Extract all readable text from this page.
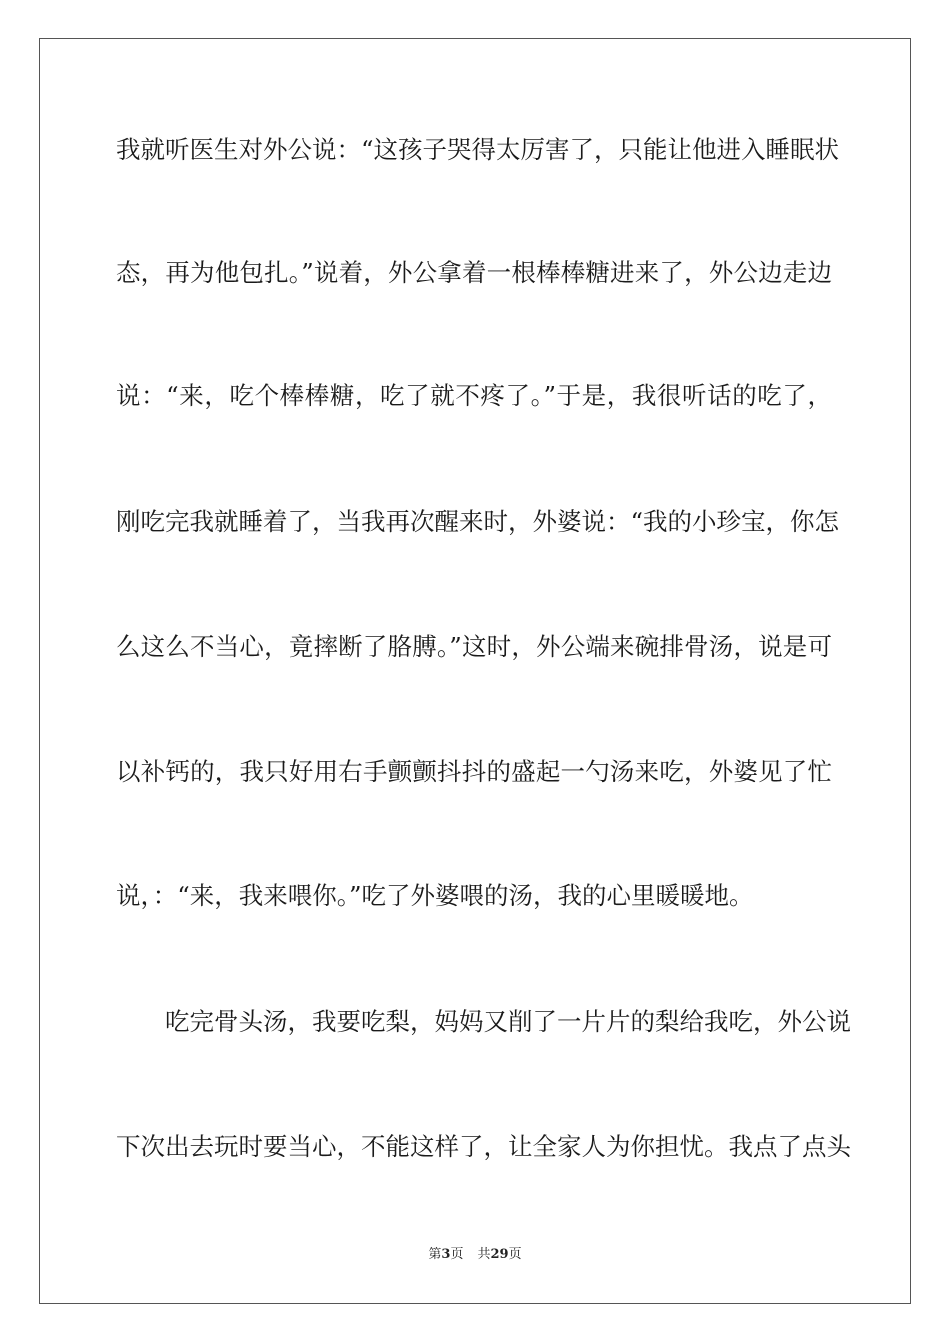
我就听医生对外公说：“这孩子哭得太厉害了，只能让他进入睡眠状
态，再为他包扎。”说着，外公拿着一根棒棒糖进来了，外公边走边
说：“来，吃个棒棒糖，吃了就不疼了。”于是，我很听话的吃了，
刚吃完我就睡着了，当我再次醒来时，外婆说：“我的小珍宝，你怎
么这么不当心，竟摔断了胳膊。”这时，外公端来碗排骨汤，说是可
以补钙的，我只好用右手颤颤抖抖的盛起一勺汤来吃，外婆见了忙
说，：“来，我来喂你。”吃了外婆喂的汤，我的心里暖暖地。
吃完骨头汤，我要吃梨，妈妈又削了一片片的梨给我吃，外公说
下次出去玩时要当心，不能这样了，让全家人为你担忧。我点了点头
第3页 共29页
